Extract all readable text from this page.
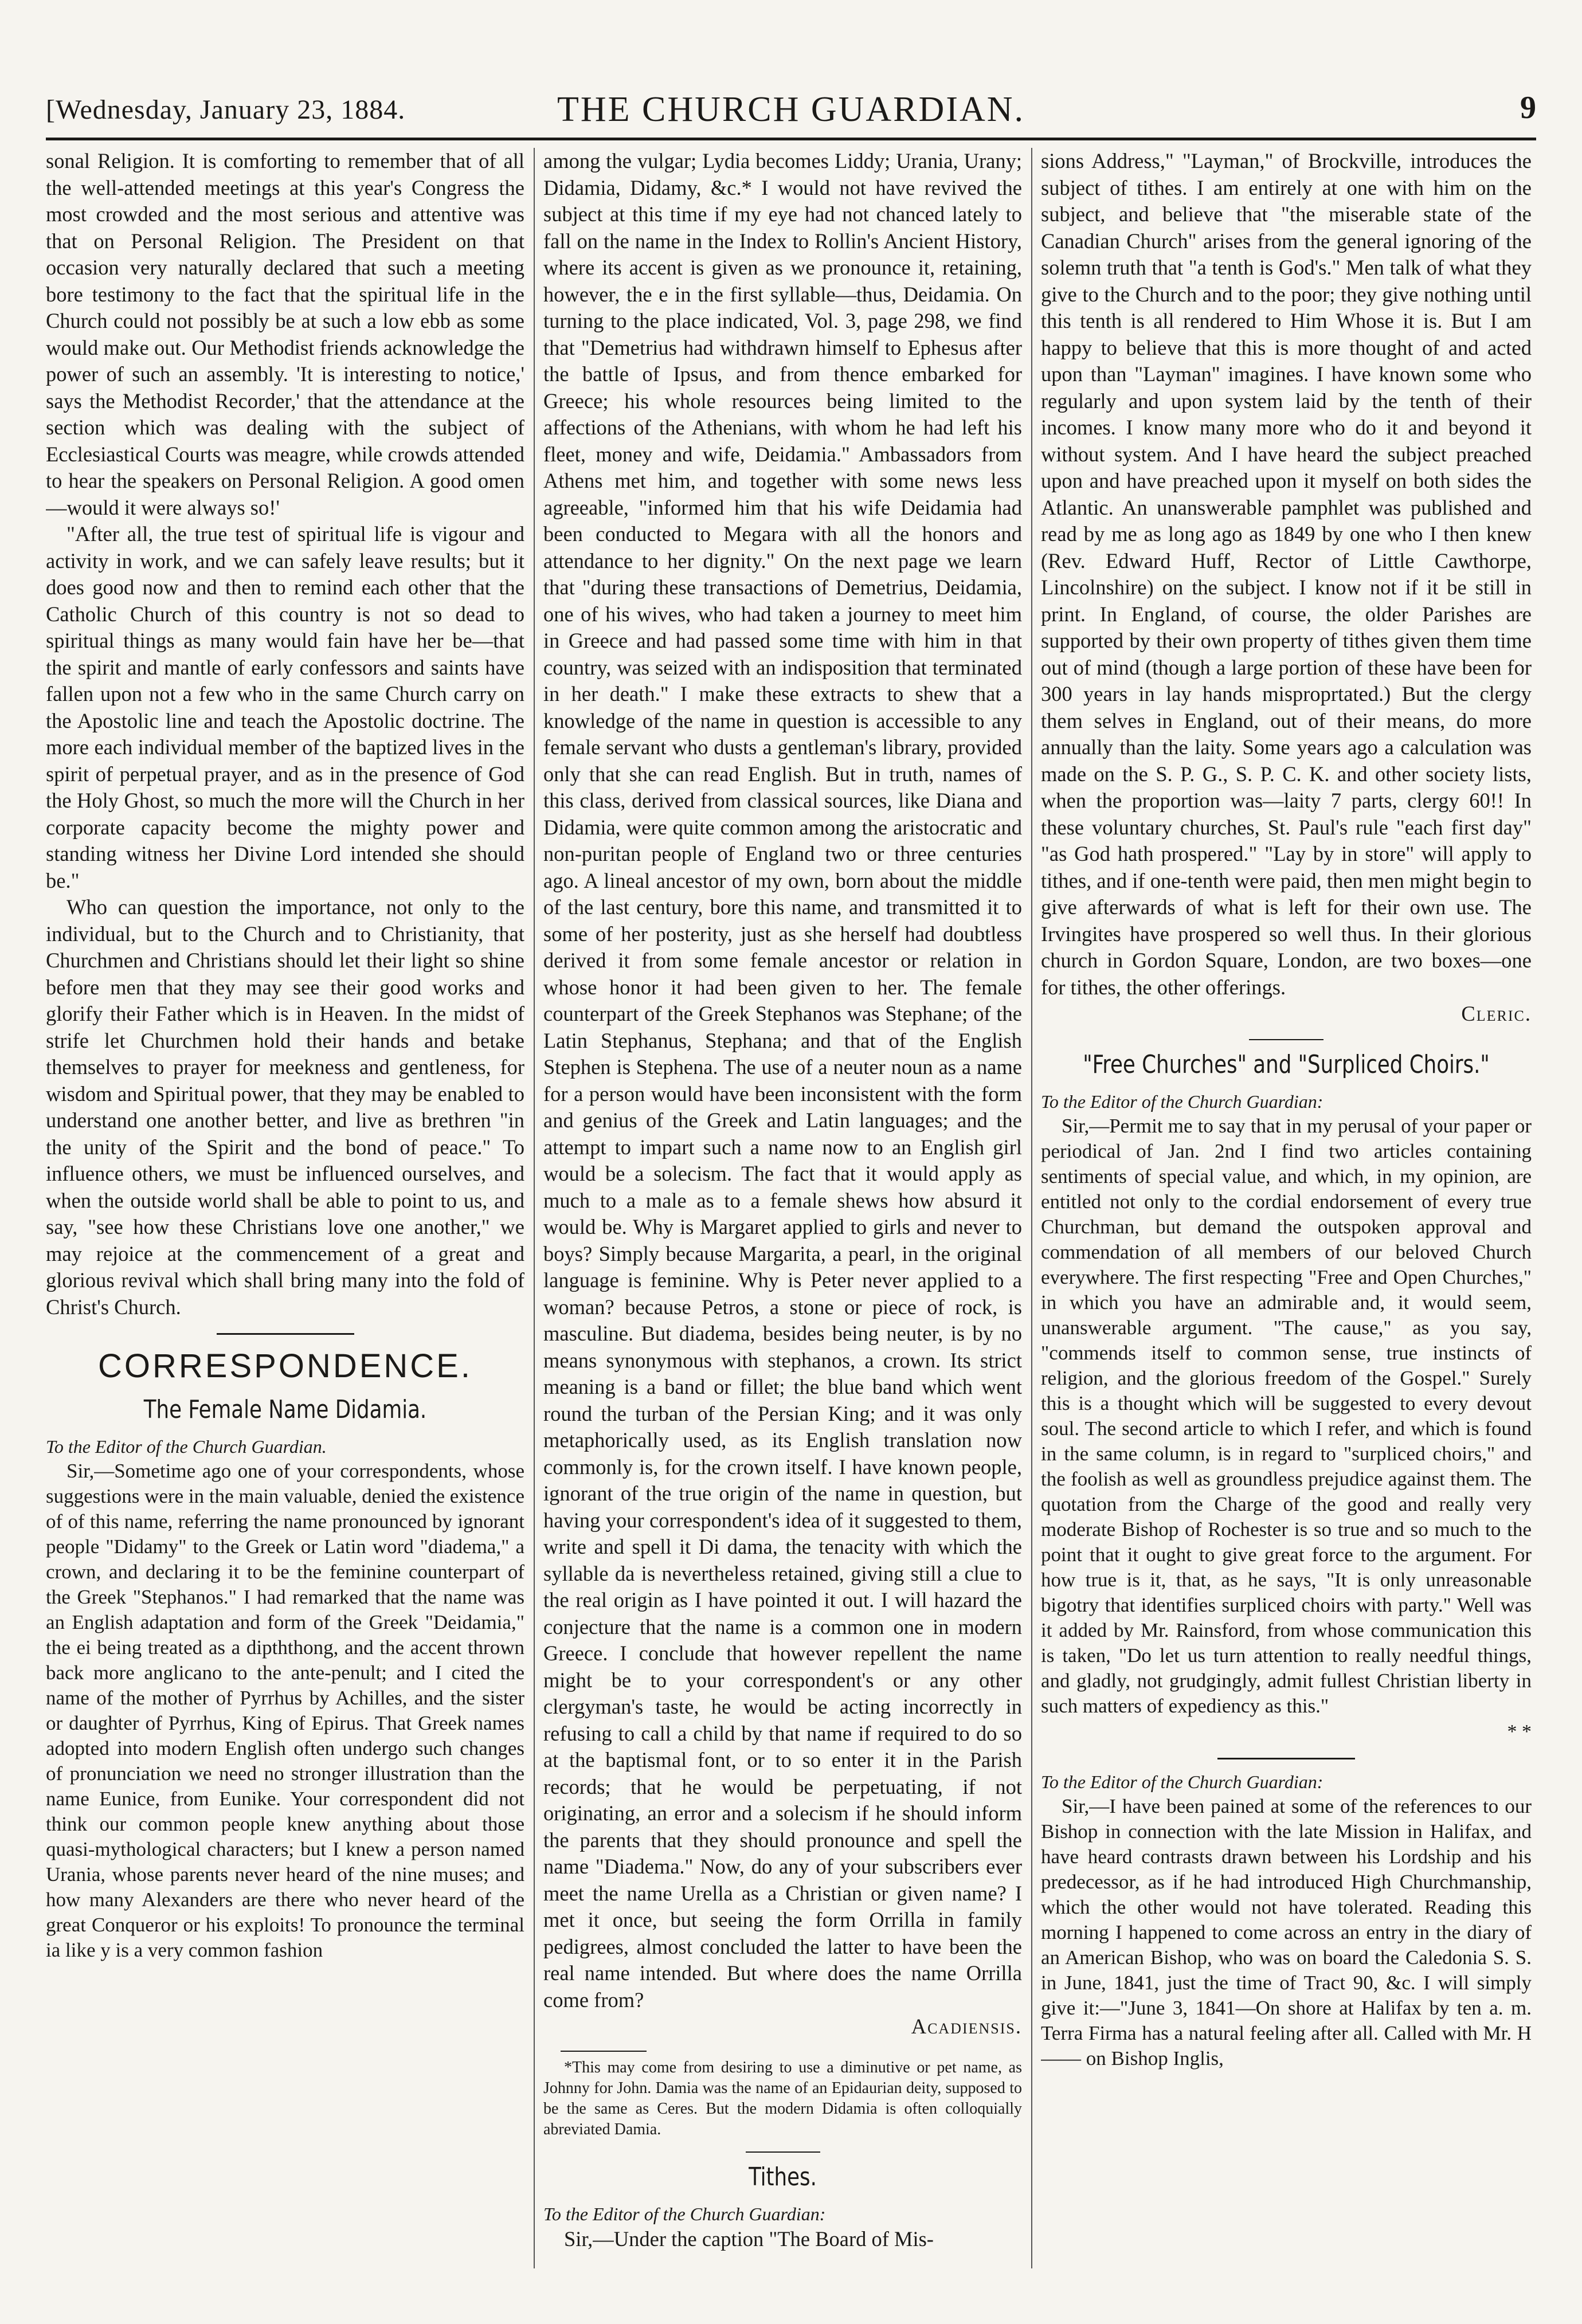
[Wednesday, January 23, 1884.	THE CHURCH GUARDIAN.	9

sonal Religion. It is comforting to remember that of all the well-attended meetings at this year's Congress the most crowded and the most serious and attentive was that on Personal Religion. The President on that occasion very naturally declared that such a meeting bore testimony to the fact that the spiritual life in the Church could not possibly be at such a low ebb as some would make out. Our Methodist friends acknowledge the power of such an assembly. 'It is interesting to notice,' says the Methodist Recorder,' that the attendance at the section which was dealing with the subject of Ecclesiastical Courts was meagre, while crowds attended to hear the speakers on Personal Religion. A good omen—would it were always so!'

"After all, the true test of spiritual life is vigour and activity in work, and we can safely leave results; but it does good now and then to remind each other that the Catholic Church of this country is not so dead to spiritual things as many would fain have her be—that the spirit and mantle of early confessors and saints have fallen upon not a few who in the same Church carry on the Apostolic line and teach the Apostolic doctrine. The more each individual member of the baptized lives in the spirit of perpetual prayer, and as in the presence of God the Holy Ghost, so much the more will the Church in her corporate capacity become the mighty power and standing witness her Divine Lord intended she should be."

Who can question the importance, not only to the individual, but to the Church and to Christianity, that Churchmen and Christians should let their light so shine before men that they may see their good works and glorify their Father which is in Heaven. In the midst of strife let Churchmen hold their hands and betake themselves to prayer for meekness and gentleness, for wisdom and Spiritual power, that they may be enabled to understand one another better, and live as brethren "in the unity of the Spirit and the bond of peace." To influence others, we must be influenced ourselves, and when the outside world shall be able to point to us, and say, "see how these Christians love one another," we may rejoice at the commencement of a great and glorious revival which shall bring many into the fold of Christ's Church.

CORRESPONDENCE.
The Female Name Didamia.

To the Editor of the Church Guardian.

Sir,—Sometime ago one of your correspondents, whose suggestions were in the main valuable, denied the existence of of this name, referring the name pronounced by ignorant people "Didamy" to the Greek or Latin word "diadema," a crown, and declaring it to be the feminine counterpart of the Greek "Stephanos." I had remarked that the name was an English adaptation and form of the Greek "Deidamia," the ei being treated as a dipththong, and the accent thrown back more anglicano to the ante-penult; and I cited the name of the mother of Pyrrhus by Achilles, and the sister or daughter of Pyrrhus, King of Epirus. That Greek names adopted into modern English often undergo such changes of pronunciation we need no stronger illustration than the name Eunice, from Eunike. Your correspondent did not think our common people knew anything about those quasi-mythological characters; but I knew a person named Urania, whose parents never heard of the nine muses; and how many Alexanders are there who never heard of the great Conqueror or his exploits! To pronounce the terminal ia like y is a very common fashion

among the vulgar; Lydia becomes Liddy; Urania, Urany; Didamia, Didamy, &c.* I would not have revived the subject at this time if my eye had not chanced lately to fall on the name in the Index to Rollin's Ancient History, where its accent is given as we pronounce it, retaining, however, the e in the first syllable—thus, Deidamia. On turning to the place indicated, Vol. 3, page 298, we find that "Demetrius had withdrawn himself to Ephesus after the battle of Ipsus, and from thence embarked for Greece; his whole resources being limited to the affections of the Athenians, with whom he had left his fleet, money and wife, Deidamia." Ambassadors from Athens met him, and together with some news less agreeable, "informed him that his wife Deidamia had been conducted to Megara with all the honors and attendance to her dignity." On the next page we learn that "during these transactions of Demetrius, Deidamia, one of his wives, who had taken a journey to meet him in Greece and had passed some time with him in that country, was seized with an indisposition that terminated in her death." I make these extracts to shew that a knowledge of the name in question is accessible to any female servant who dusts a gentleman's library, provided only that she can read English. But in truth, names of this class, derived from classical sources, like Diana and Didamia, were quite common among the aristocratic and non-puritan people of England two or three centuries ago. A lineal ancestor of my own, born about the middle of the last century, bore this name, and transmitted it to some of her posterity, just as she herself had doubtless derived it from some female ancestor or relation in whose honor it had been given to her. The female counterpart of the Greek Stephanos was Stephane; of the Latin Stephanus, Stephana; and that of the English Stephen is Stephena. The use of a neuter noun as a name for a person would have been inconsistent with the form and genius of the Greek and Latin languages; and the attempt to impart such a name now to an English girl would be a solecism. The fact that it would apply as much to a male as to a female shews how absurd it would be. Why is Margaret applied to girls and never to boys? Simply because Margarita, a pearl, in the original language is feminine. Why is Peter never applied to a woman? because Petros, a stone or piece of rock, is masculine. But diadema, besides being neuter, is by no means synonymous with stephanos, a crown. Its strict meaning is a band or fillet; the blue band which went round the turban of the Persian King; and it was only metaphorically used, as its English translation now commonly is, for the crown itself. I have known people, ignorant of the true origin of the name in question, but having your correspondent's idea of it suggested to them, write and spell it Di dama, the tenacity with which the syllable da is nevertheless retained, giving still a clue to the real origin as I have pointed it out. I will hazard the conjecture that the name is a common one in modern Greece. I conclude that however repellent the name might be to your correspondent's or any other clergyman's taste, he would be acting incorrectly in refusing to call a child by that name if required to do so at the baptismal font, or to so enter it in the Parish records; that he would be perpetuating, if not originating, an error and a solecism if he should inform the parents that they should pronounce and spell the name "Diadema." Now, do any of your subscribers ever meet the name Urella as a Christian or given name? I met it once, but seeing the form Orrilla in family pedigrees, almost concluded the latter to have been the real name intended. But where does the name Orrilla come from?

Acadiensis.

*This may come from desiring to use a diminutive or pet name, as Johnny for John. Damia was the name of an Epidaurian deity, supposed to be the same as Ceres. But the modern Didamia is often colloquially abreviated Damia.

Tithes.

To the Editor of the Church Guardian:

Sir,—Under the caption "The Board of Mis-

sions Address," "Layman," of Brockville, introduces the subject of tithes. I am entirely at one with him on the subject, and believe that "the miserable state of the Canadian Church" arises from the general ignoring of the solemn truth that "a tenth is God's." Men talk of what they give to the Church and to the poor; they give nothing until this tenth is all rendered to Him Whose it is. But I am happy to believe that this is more thought of and acted upon than "Layman" imagines. I have known some who regularly and upon system laid by the tenth of their incomes. I know many more who do it and beyond it without system. And I have heard the subject preached upon and have preached upon it myself on both sides the Atlantic. An unanswerable pamphlet was published and read by me as long ago as 1849 by one who I then knew (Rev. Edward Huff, Rector of Little Cawthorpe, Lincolnshire) on the subject. I know not if it be still in print. In England, of course, the older Parishes are supported by their own property of tithes given them time out of mind (though a large portion of these have been for 300 years in lay hands misproprtated.) But the clergy them selves in England, out of their means, do more annually than the laity. Some years ago a calculation was made on the S. P. G., S. P. C. K. and other society lists, when the proportion was—laity 7 parts, clergy 60!! In these voluntary churches, St. Paul's rule "each first day" "as God hath prospered." "Lay by in store" will apply to tithes, and if one-tenth were paid, then men might begin to give afterwards of what is left for their own use. The Irvingites have prospered so well thus. In their glorious church in Gordon Square, London, are two boxes—one for tithes, the other offerings.

Cleric.

"Free Churches" and "Surpliced Choirs."

To the Editor of the Church Guardian:

Sir,—Permit me to say that in my perusal of your paper or periodical of Jan. 2nd I find two articles containing sentiments of special value, and which, in my opinion, are entitled not only to the cordial endorsement of every true Churchman, but demand the outspoken approval and commendation of all members of our beloved Church everywhere. The first respecting "Free and Open Churches," in which you have an admirable and, it would seem, unanswerable argument. "The cause," as you say, "commends itself to common sense, true instincts of religion, and the glorious freedom of the Gospel." Surely this is a thought which will be suggested to every devout soul. The second article to which I refer, and which is found in the same column, is in regard to "surpliced choirs," and the foolish as well as groundless prejudice against them. The quotation from the Charge of the good and really very moderate Bishop of Rochester is so true and so much to the point that it ought to give great force to the argument. For how true is it, that, as he says, "It is only unreasonable bigotry that identifies surpliced choirs with party." Well was it added by Mr. Rainsford, from whose communication this is taken, "Do let us turn attention to really needful things, and gladly, not grudgingly, admit fullest Christian liberty in such matters of expediency as this."

* *

To the Editor of the Church Guardian:

Sir,—I have been pained at some of the references to our Bishop in connection with the late Mission in Halifax, and have heard contrasts drawn between his Lordship and his predecessor, as if he had introduced High Churchmanship, which the other would not have tolerated. Reading this morning I happened to come across an entry in the diary of an American Bishop, who was on board the Caledonia S. S. in June, 1841, just the time of Tract 90, &c. I will simply give it:—"June 3, 1841—On shore at Halifax by ten a. m. Terra Firma has a natural feeling after all. Called with Mr. H—— on Bishop Inglis,
